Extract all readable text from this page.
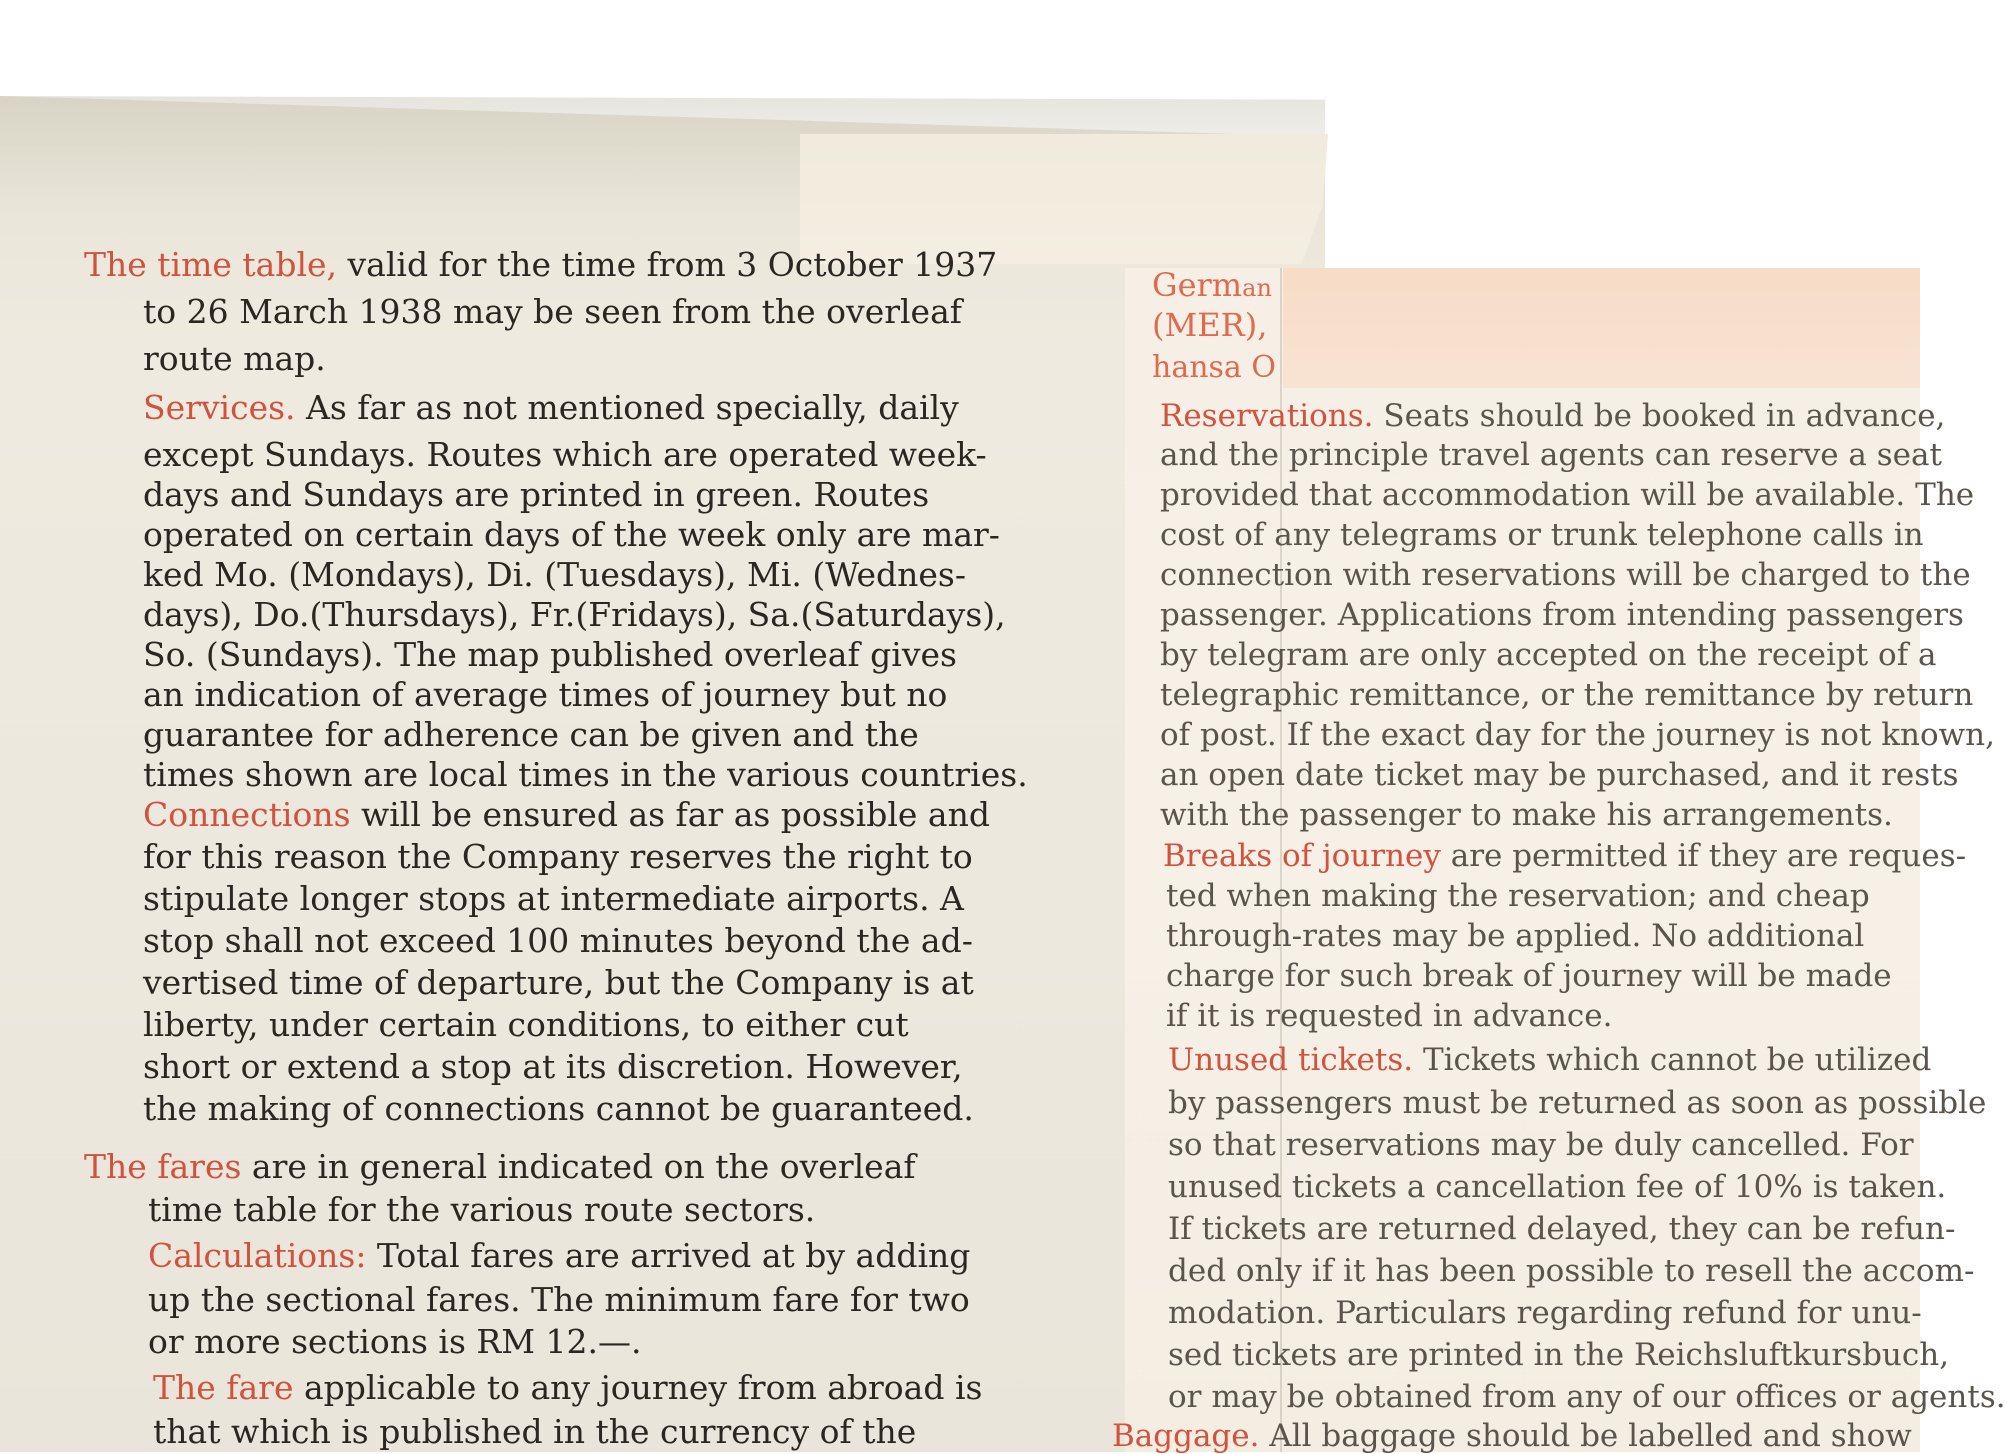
The time table, valid for the time from 3 October 1937
to 26 March 1938 may be seen from the overleaf
route map.
Services. As far as not mentioned specially, daily
except Sundays. Routes which are operated week-
days and Sundays are printed in green. Routes
operated on certain days of the week only are mar-
ked Mo. (Mondays), Di. (Tuesdays), Mi. (Wednes-
days), Do.(Thursdays), Fr.(Fridays), Sa.(Saturdays),
So. (Sundays). The map published overleaf gives
an indication of average times of journey but no
guarantee for adherence can be given and the
times shown are local times in the various countries.
Connections will be ensured as far as possible and
for this reason the Company reserves the right to
stipulate longer stops at intermediate airports. A
stop shall not exceed 100 minutes beyond the ad-
vertised time of departure, but the Company is at
liberty, under certain conditions, to either cut
short or extend a stop at its discretion. However,
the making of connections cannot be guaranteed.
The fares are in general indicated on the overleaf
time table for the various route sectors.
Calculations: Total fares are arrived at by adding
up the sectional fares. The minimum fare for two
or more sections is RM 12.—.
The fare applicable to any journey from abroad is
that which is published in the currency of the
German
(MER),
hansa O
Reservations. Seats should be booked in advance,
and the principle travel agents can reserve a seat
provided that accommodation will be available. The
cost of any telegrams or trunk telephone calls in
connection with reservations will be charged to the
passenger. Applications from intending passengers
by telegram are only accepted on the receipt of a
telegraphic remittance, or the remittance by return
of post. If the exact day for the journey is not known,
an open date ticket may be purchased, and it rests
with the passenger to make his arrangements.
Breaks of journey are permitted if they are reques-
ted when making the reservation; and cheap
through-rates may be applied. No additional
charge for such break of journey will be made
if it is requested in advance.
Unused tickets. Tickets which cannot be utilized
by passengers must be returned as soon as possible
so that reservations may be duly cancelled. For
unused tickets a cancellation fee of 10% is taken.
If tickets are returned delayed, they can be refun-
ded only if it has been possible to resell the accom-
modation. Particulars regarding refund for unu-
sed tickets are printed in the Reichsluftkursbuch,
or may be obtained from any of our offices or agents.
Baggage. All baggage should be labelled and show
